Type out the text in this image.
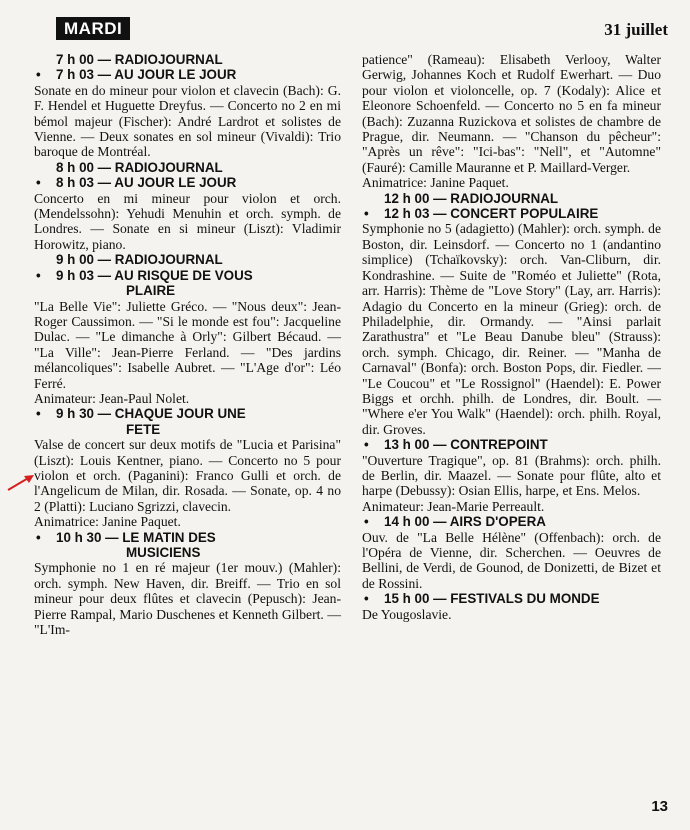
MARDI	31 juillet
7 h 00 — RADIOJOURNAL
• 7 h 03 — AU JOUR LE JOUR

Sonate en do mineur pour violon et clavecin (Bach): G. F. Hendel et Huguette Dreyfus. — Concerto no 2 en mi bémol majeur (Fischer): André Lardrot et solistes de Vienne. — Deux sonates en sol mineur (Vivaldi): Trio baroque de Montréal.

8 h 00 — RADIOJOURNAL
• 8 h 03 — AU JOUR LE JOUR

Concerto en mi mineur pour violon et orch. (Mendelssohn): Yehudi Menuhin et orch. symph. de Londres. — Sonate en si mineur (Liszt): Vladimir Horowitz, piano.

9 h 00 — RADIOJOURNAL
• 9 h 03 — AU RISQUE DE VOUS
PLAIRE

"La Belle Vie": Juliette Gréco. — "Nous deux": Jean-Roger Caussimon. — "Si le monde est fou": Jacqueline Dulac. — "Le dimanche à Orly": Gilbert Bécaud. — "La Ville": Jean-Pierre Ferland. — "Des jardins mélancoliques": Isabelle Aubret. — "L'Age d'or": Léo Ferré.

Animateur: Jean-Paul Nolet.

• 9 h 30 — CHAQUE JOUR UNE
FETE

Valse de concert sur deux motifs de "Lucia et Parisina" (Liszt): Louis Kentner, piano. — Concerto no 5 pour violon et orch. (Paganini): Franco Gulli et orch. de l'Angelicum de Milan, dir. Rosada. — Sonate, op. 4 no 2 (Platti): Luciano Sgrizzi, clavecin.

Animatrice: Janine Paquet.

• 10 h 30 — LE MATIN DES
MUSICIENS

Symphonie no 1 en ré majeur (1er mouv.) (Mahler): orch. symph. New Haven, dir. Breiff. — Trio en sol mineur pour deux flûtes et clavecin (Pepusch): Jean-Pierre Rampal, Mario Duschenes et Kenneth Gilbert. — "L'Im-

patience" (Rameau): Elisabeth Verlooy, Walter Gerwig, Johannes Koch et Rudolf Ewerhart. — Duo pour violon et violoncelle, op. 7 (Kodaly): Alice et Eleonore Schoenfeld. — Concerto no 5 en fa mineur (Bach): Zuzanna Ruzickova et solistes de chambre de Prague, dir. Neumann. — "Chanson du pêcheur": "Après un rêve": "Ici-bas": "Nell", et "Automne" (Fauré): Camille Mauranne et P. Maillard-Verger.

Animatrice: Janine Paquet.

12 h 00 — RADIOJOURNAL
• 12 h 03 — CONCERT POPULAIRE

Symphonie no 5 (adagietto) (Mahler): orch. symph. de Boston, dir. Leinsdorf. — Concerto no 1 (andantino simplice) (Tchaïkovsky): orch. Van-Cliburn, dir. Kondrashine. — Suite de "Roméo et Juliette" (Rota, arr. Harris): Thème de "Love Story" (Lay, arr. Harris): Adagio du Concerto en la mineur (Grieg): orch. de Philadelphie, dir. Ormandy. — "Ainsi parlait Zarathustra" et "Le Beau Danube bleu" (Strauss): orch. symph. Chicago, dir. Reiner. — "Manha de Carnaval" (Bonfa): orch. Boston Pops, dir. Fiedler. — "Le Coucou" et "Le Rossignol" (Haendel): E. Power Biggs et orchh. philh. de Londres, dir. Boult. — "Where e'er You Walk" (Haendel): orch. philh. Royal, dir. Groves.

• 13 h 00 — CONTREPOINT

"Ouverture Tragique", op. 81 (Brahms): orch. philh. de Berlin, dir. Maazel. — Sonate pour flûte, alto et harpe (Debussy): Osian Ellis, harpe, et Ens. Melos.

Animateur: Jean-Marie Perreault.

• 14 h 00 — AIRS D'OPERA

Ouv. de "La Belle Hélène" (Offenbach): orch. de l'Opéra de Vienne, dir. Scherchen. — Oeuvres de Bellini, de Verdi, de Gounod, de Donizetti, de Bizet et de Rossini.

• 15 h 00 — FESTIVALS DU MONDE

De Yougoslavie.

13
